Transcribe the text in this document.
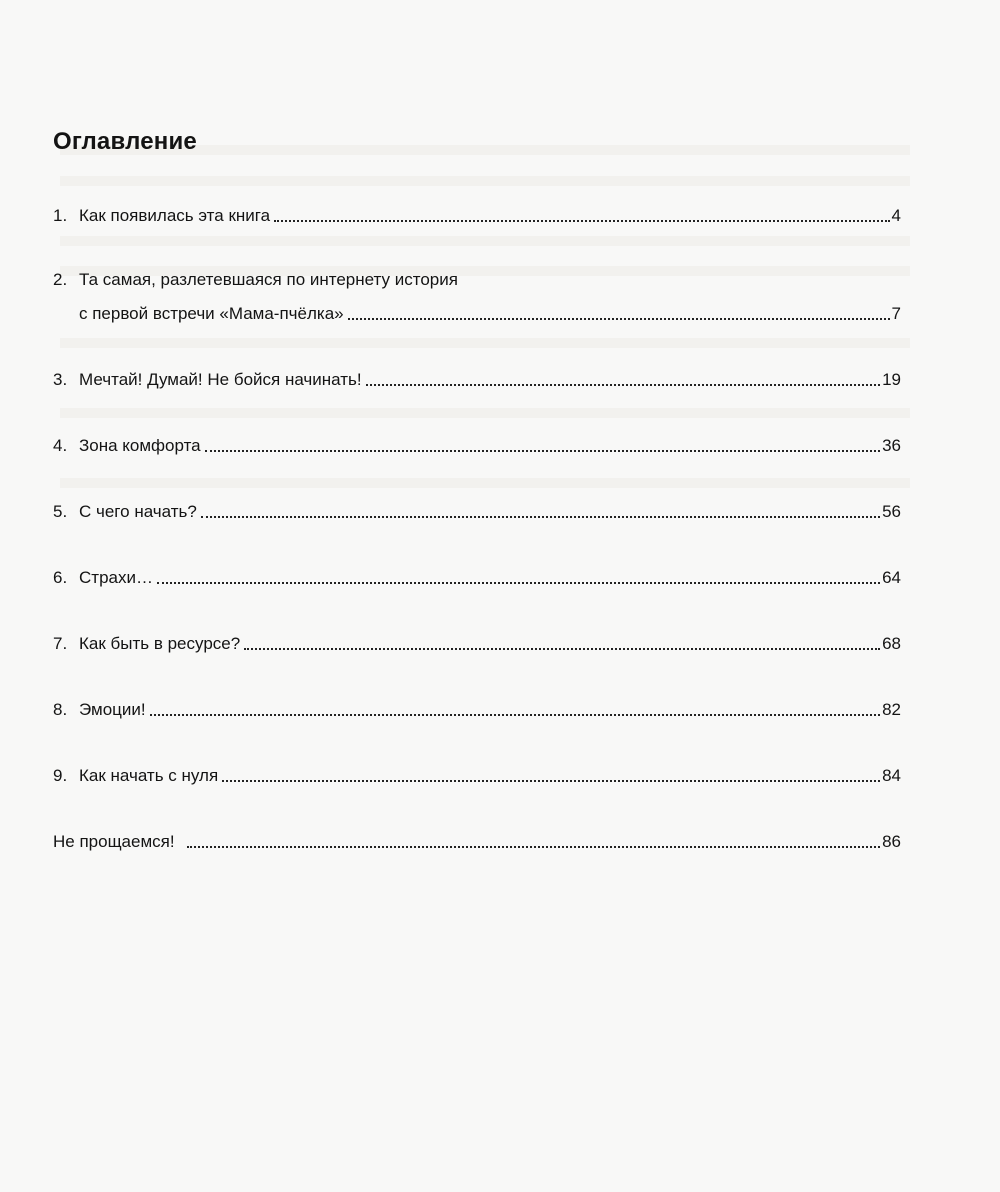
Оглавление
1. Как появилась эта книга	4
2. Та самая, разлетевшаяся по интернету история
с первой встречи «Мама-пчёлка»	7
3. Мечтай! Думай! Не бойся начинать!	19
4. Зона комфорта	36
5. С чего начать?	56
6. Страхи…	64
7. Как быть в ресурсе?	68
8. Эмоции!	82
9. Как начать с нуля	84
Не прощаемся!	86
